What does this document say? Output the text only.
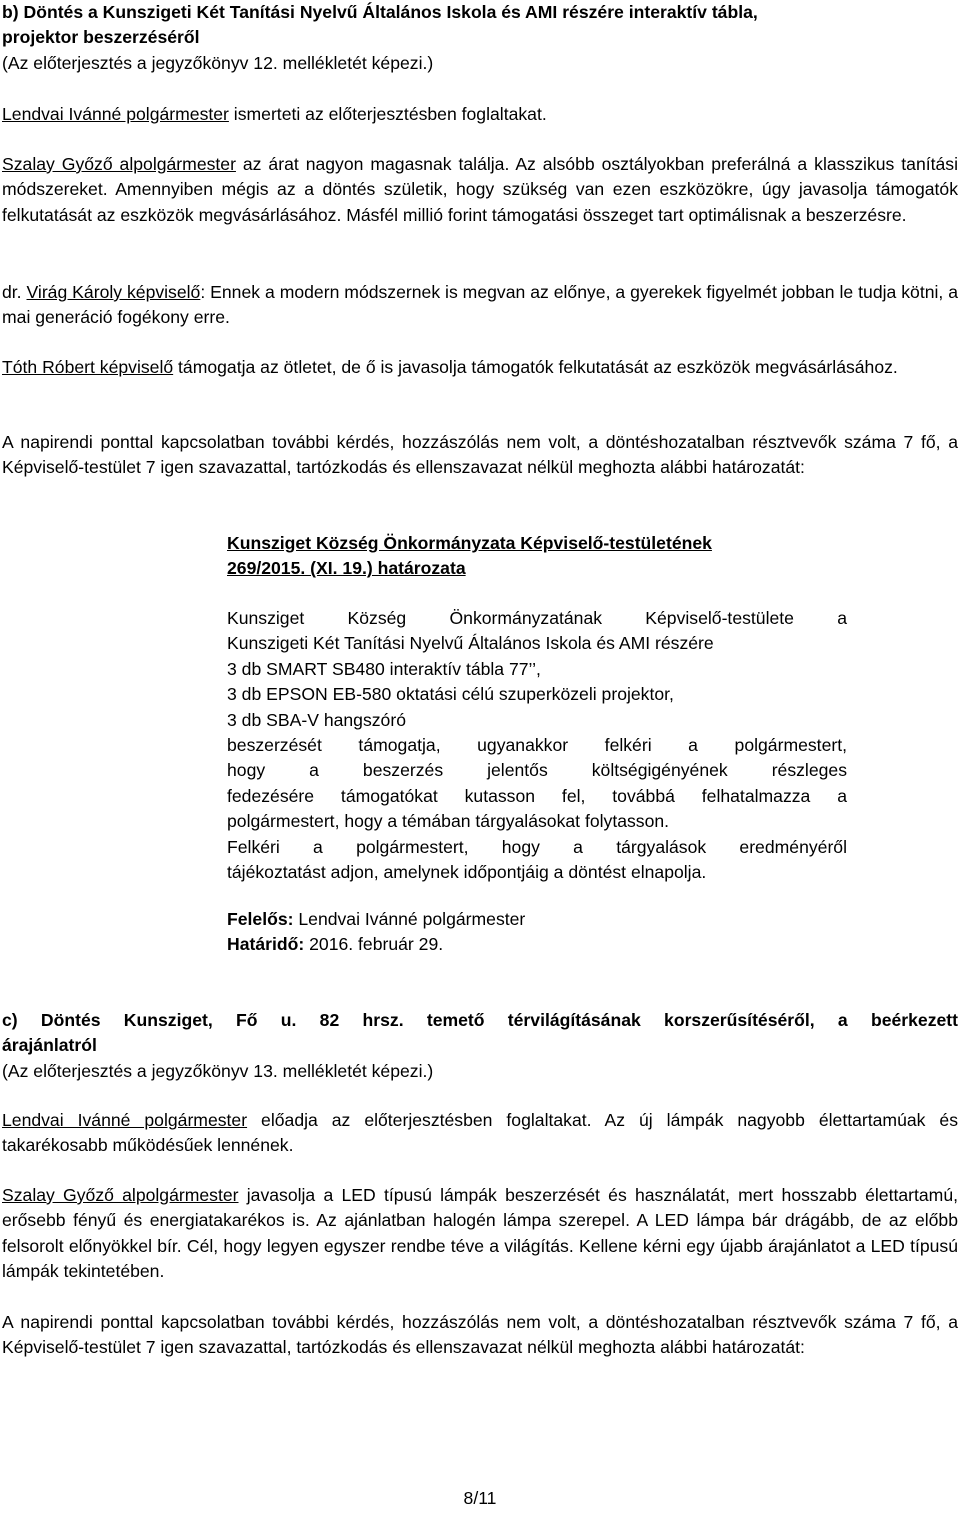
b) Döntés a Kunszigeti Két Tanítási Nyelvű Általános Iskola és AMI részére interaktív tábla,
projektor beszerzéséről
(Az előterjesztés a jegyzőkönyv 12. mellékletét képezi.)

Lendvai Ivánné polgármester ismerteti az előterjesztésben foglaltakat.

Szalay Győző alpolgármester az árat nagyon magasnak találja. Az alsóbb osztályokban preferálná a klasszikus tanítási módszereket. Amennyiben mégis az a döntés születik, hogy szükség van ezen eszközökre, úgy javasolja támogatók felkutatását az eszközök megvásárlásához. Másfél millió forint támogatási összeget tart optimálisnak a beszerzésre.

dr. Virág Károly képviselő: Ennek a modern módszernek is megvan az előnye, a gyerekek figyelmét jobban le tudja kötni, a mai generáció fogékony erre.

Tóth Róbert képviselő támogatja az ötletet, de ő is javasolja támogatók felkutatását az eszközök megvásárlásához.

A napirendi ponttal kapcsolatban további kérdés, hozzászólás nem volt, a döntéshozatalban résztvevők száma 7 fő, a Képviselő-testület 7 igen szavazattal, tartózkodás és ellenszavazat nélkül meghozta alábbi határozatát:

Kunsziget Község Önkormányzata Képviselő-testületének
269/2015. (XI. 19.) határozata
Kunsziget Község Önkormányzatának Képviselő-testülete a
Kunszigeti Két Tanítási Nyelvű Általános Iskola és AMI részére
3 db SMART SB480 interaktív tábla 77’’,
3 db EPSON EB-580 oktatási célú szuperközeli projektor,
3 db SBA-V hangszóró
beszerzését támogatja, ugyanakkor felkéri a polgármestert,
hogy a beszerzés jelentős költségigényének részleges
fedezésére támogatókat kutasson fel, továbbá felhatalmazza a
polgármestert, hogy a témában tárgyalásokat folytasson.
Felkéri a polgármestert, hogy a tárgyalások eredményéről
tájékoztatást adjon, amelynek időpontjáig a döntést elnapolja.
Felelős: Lendvai Ivánné polgármester
Határidő: 2016. február 29.
c) Döntés Kunsziget, Fő u. 82 hrsz. temető térvilágításának korszerűsítéséről, a beérkezett
árajánlatról
(Az előterjesztés a jegyzőkönyv 13. mellékletét képezi.)

Lendvai Ivánné polgármester előadja az előterjesztésben foglaltakat. Az új lámpák nagyobb élettartamúak és takarékosabb működésűek lennének.

Szalay Győző alpolgármester javasolja a LED típusú lámpák beszerzését és használatát, mert hosszabb élettartamú, erősebb fényű és energiatakarékos is. Az ajánlatban halogén lámpa szerepel. A LED lámpa bár drágább, de az előbb felsorolt előnyökkel bír. Cél, hogy legyen egyszer rendbe téve a világítás. Kellene kérni egy újabb árajánlatot a LED típusú lámpák tekintetében.

A napirendi ponttal kapcsolatban további kérdés, hozzászólás nem volt, a döntéshozatalban résztvevők száma 7 fő, a Képviselő-testület 7 igen szavazattal, tartózkodás és ellenszavazat nélkül meghozta alábbi határozatát:

8/11
